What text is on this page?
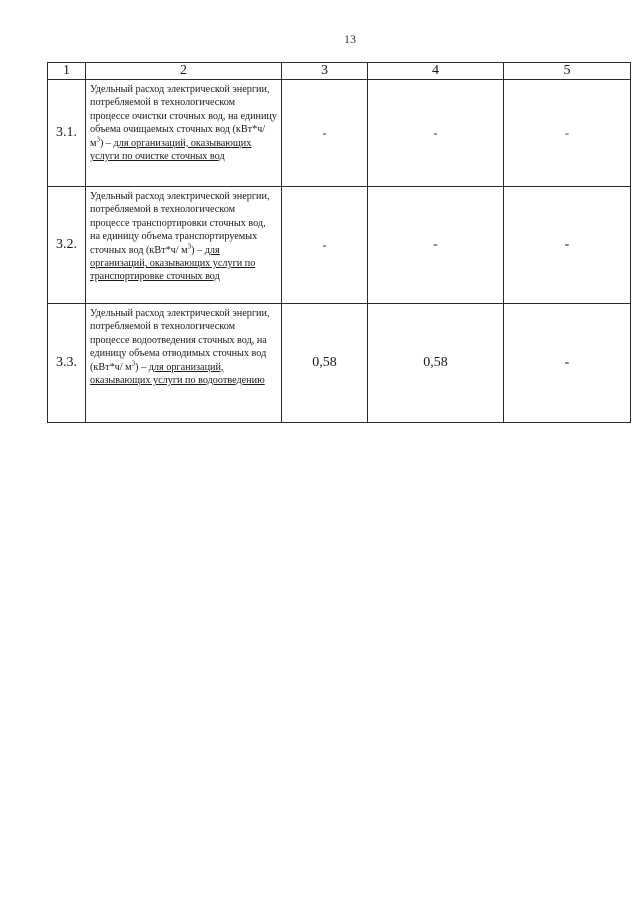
13
1	2	3	4	5
3.1.	Удельный расход электрической энергии, потребляемой в технологическом процессе очистки сточных вод, на единицу объема очищаемых сточных вод (кВт*ч/ $м^3$) – для организаций, оказывающих услуги по очистке сточных вод	-	-	-
3.2.	Удельный расход электрической энергии, потребляемой в технологическом процессе транспортировки сточных вод, на единицу объема транспортируемых сточных вод (кВт*ч/ $м^3$) – для организаций, оказывающих услуги по транспортировке сточных вод	-	-	-
3.3.	Удельный расход электрической энергии, потребляемой в технологическом процессе водоотведения сточных вод, на единицу объема отводимых сточных вод (кВт*ч/ $м^3$) – для организаций, оказывающих услуги по водоотведению	0,58	0,58	-
